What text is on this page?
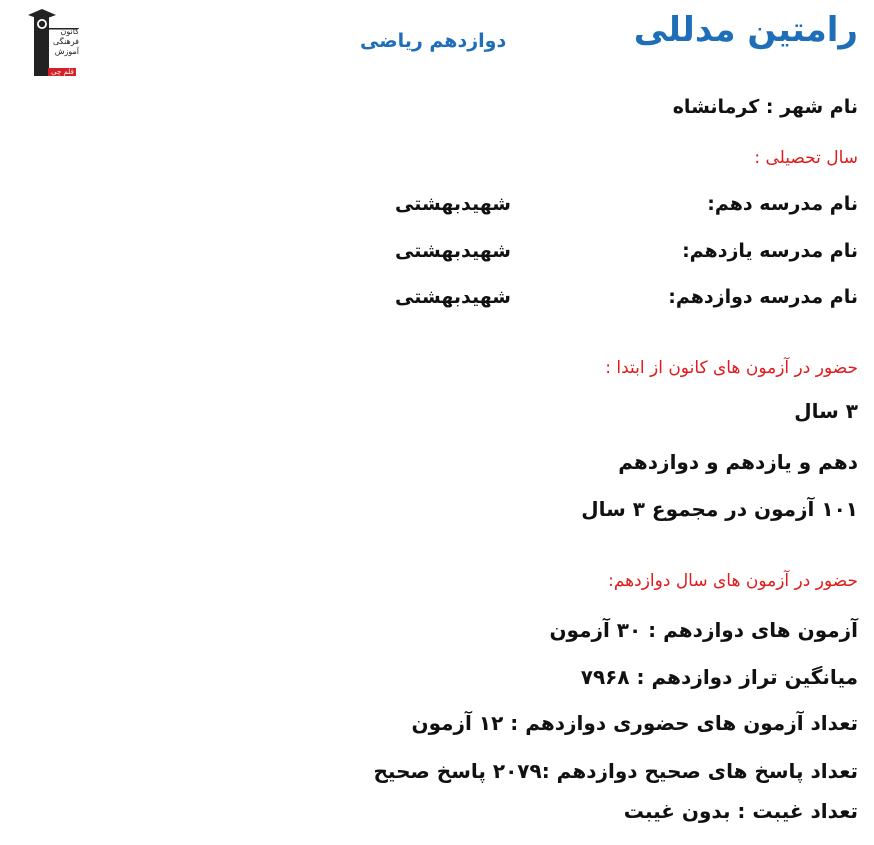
رامتین مدللی
دوازدهم ریاضی
کانون
فرهنگی
آموزش
قلم چی
نام شهر : کرمانشاه
سال تحصیلی :
نام مدرسه دهم:
شهیدبهشتی
نام مدرسه یازدهم:
شهیدبهشتی
نام مدرسه دوازدهم:
شهیدبهشتی
حضور در آزمون های کانون از ابتدا :
۳ سال
دهم و یازدهم و دوازدهم
۱۰۱ آزمون در مجموع ۳ سال
حضور در آزمون های سال دوازدهم:
آزمون های دوازدهم : ۳۰ آزمون
میانگین تراز دوازدهم : ۷۹۶۸
تعداد آزمون های حضوری دوازدهم : ۱۲ آزمون
تعداد پاسخ های صحیح دوازدهم :۲۰۷۹ پاسخ صحیح
تعداد غیبت : بدون غیبت
